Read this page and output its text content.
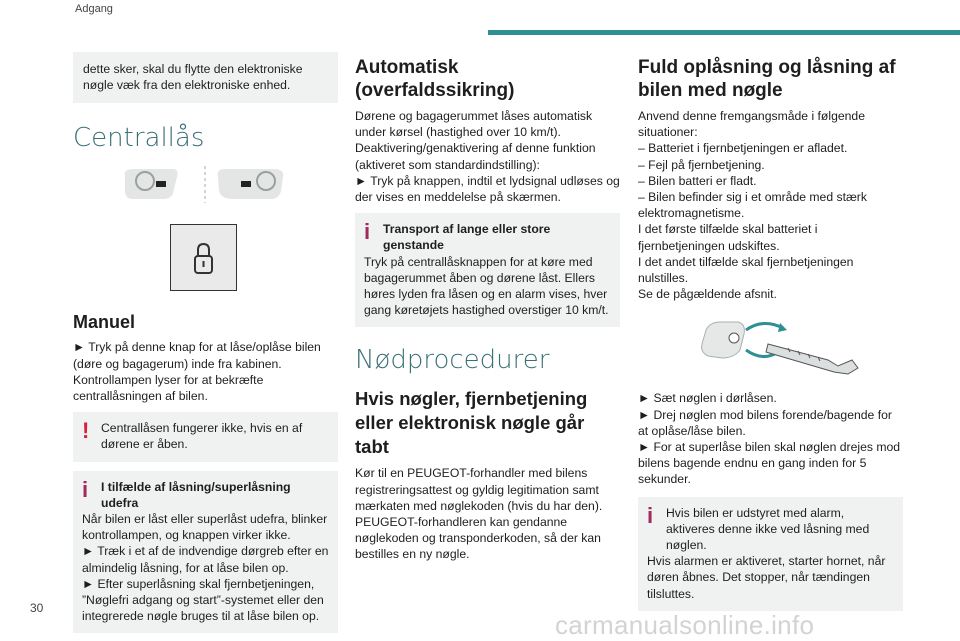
Adgang

dette sker, skal du flytte den elektroniske nøgle væk fra den elektroniske enhed.

Centrallås
Manuel

► Tryk på denne knap for at låse/oplåse bilen (døre og bagagerum) inde fra kabinen.

Kontrollampen lyser for at bekræfte centrallåsningen af bilen.

! Centrallåsen fungerer ikke, hvis en af dørene er åben.

i I tilfælde af låsning/superlåsning udefra

Når bilen er låst eller superlåst udefra, blinker kontrollampen, og knappen virker ikke.

► Træk i et af de indvendige dørgreb efter en almindelig låsning, for at låse bilen op.

► Efter superlåsning skal fjernbetjeningen, ”Nøglefri adgang og start”-systemet eller den integrerede nøgle bruges til at låse bilen op.

Automatisk (overfaldssikring)

Dørene og bagagerummet låses automatisk under kørsel (hastighed over 10 km/t).

Deaktivering/genaktivering af denne funktion (aktiveret som standardindstilling):

► Tryk på knappen, indtil et lydsignal udløses og der vises en meddelelse på skærmen.

i Transport af lange eller store genstande

Tryk på centrallåsknappen for at køre med bagagerummet åben og dørene låst. Ellers høres lyden fra låsen og en alarm vises, hver gang køretøjets hastighed overstiger 10 km/t.

Nødprocedurer
Hvis nøgler, fjernbetjening eller elektronisk nøgle går tabt

Kør til en PEUGEOT-forhandler med bilens registreringsattest og gyldig legitimation samt mærkaten med nøglekoden (hvis du har den).

PEUGEOT-forhandleren kan gendanne nøglekoden og transponderkoden, så der kan bestilles en ny nøgle.

Fuld oplåsning og låsning af bilen med nøgle

Anvend denne fremgangsmåde i følgende situationer:

– Batteriet i fjernbetjeningen er afladet.

– Fejl på fjernbetjening.

– Bilen batteri er fladt.

– Bilen befinder sig i et område med stærk elektromagnetisme.

I det første tilfælde skal batteriet i fjernbetjeningen udskiftes.

I det andet tilfælde skal fjernbetjeningen nulstilles.

Se de pågældende afsnit.

► Sæt nøglen i dørlåsen.

► Drej nøglen mod bilens forende/bagende for at oplåse/låse bilen.

► For at superlåse bilen skal nøglen drejes mod bilens bagende endnu en gang inden for 5 sekunder.

i Hvis bilen er udstyret med alarm, aktiveres denne ikke ved låsning med nøglen.

Hvis alarmen er aktiveret, starter hornet, når døren åbnes. Det stopper, når tændingen tilsluttes.

30
carmanualsonline.info
